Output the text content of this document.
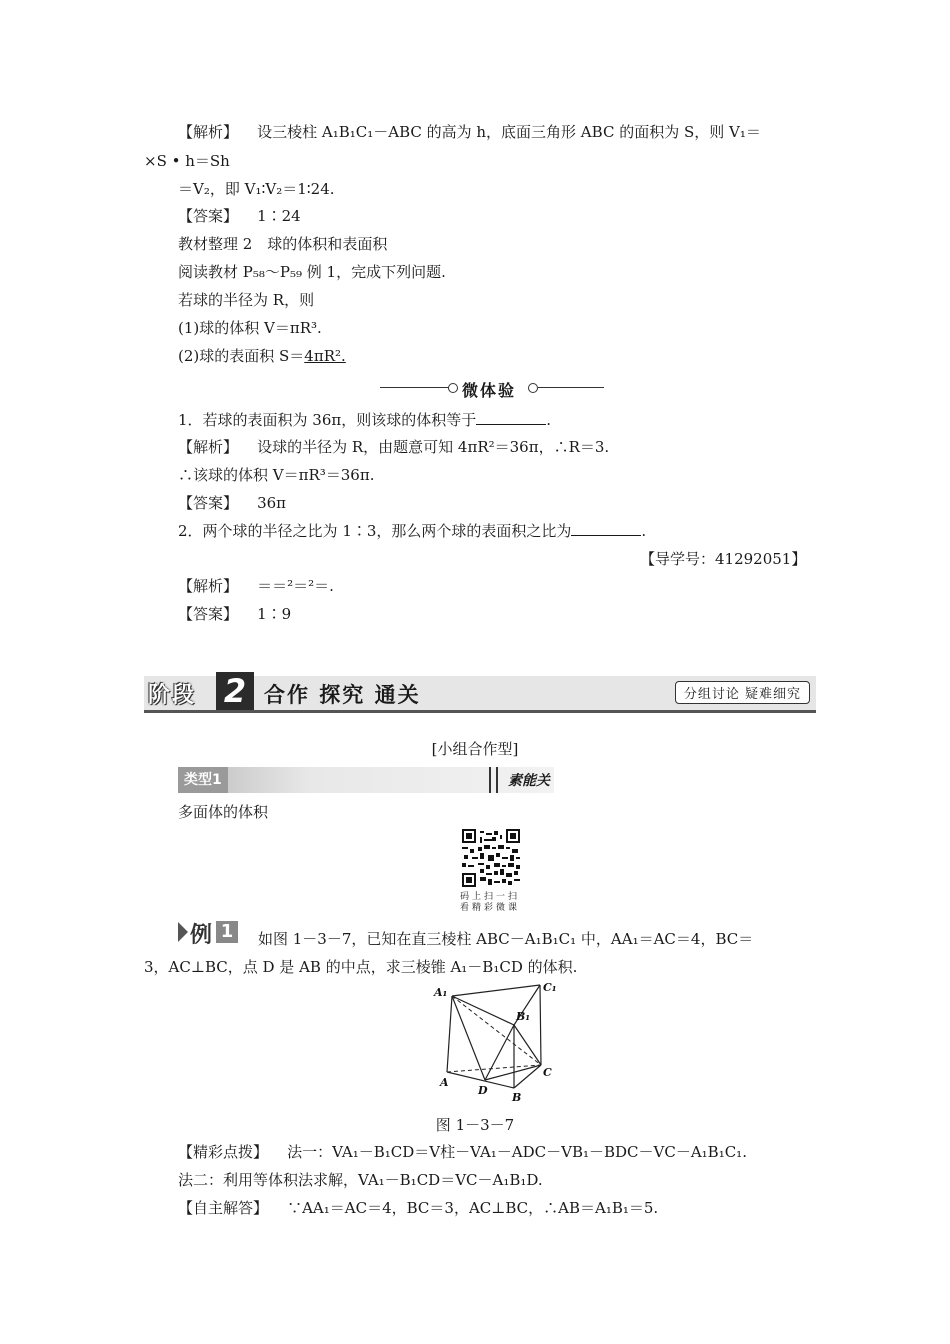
【解析】 设三棱柱 A₁B₁C₁－ABC 的高为 h，底面三角形 ABC 的面积为 S，则 V₁＝
×S • h＝Sh
＝V₂，即 V₁∶V₂＝1∶24.
【答案】 1∶24
教材整理 2　球的体积和表面积
阅读教材 P₅₈～P₅₉ 例 1，完成下列问题.
若球的半径为 R，则
(1)球的体积 V＝πR³.
(2)球的表面积 S＝4πR².
微体验
1．若球的表面积为 36π，则该球的体积等于	.
【解析】 设球的半径为 R，由题意可知 4πR²＝36π，∴R＝3.
∴该球的体积 V＝πR³＝36π.
【答案】 36π
2．两个球的半径之比为 1∶3，那么两个球的表面积之比为	.
【导学号：41292051】
【解析】 ＝＝²＝²＝.
【答案】 1∶9
阶段 2 合作 探究 通关	分组讨论 疑难细究
[小组合作型]
类型1	素能关
多面体的体积
码上扫一扫
看精彩微课
例 1	如图 1－3－7，已知在直三棱柱 ABC－A₁B₁C₁ 中，AA₁＝AC＝4，BC＝
3，AC⊥BC，点 D 是 AB 的中点，求三棱锥 A₁－B₁CD 的体积.
A₁	C₁
B₁
A
D
C
B
图 1－3－7
【精彩点拨】 法一：VA₁－B₁CD＝V柱－VA₁－ADC－VB₁－BDC－VC－A₁B₁C₁.
法二：利用等体积法求解，VA₁－B₁CD＝VC－A₁B₁D.
【自主解答】 ∵AA₁＝AC＝4，BC＝3，AC⊥BC，∴AB＝A₁B₁＝5.
